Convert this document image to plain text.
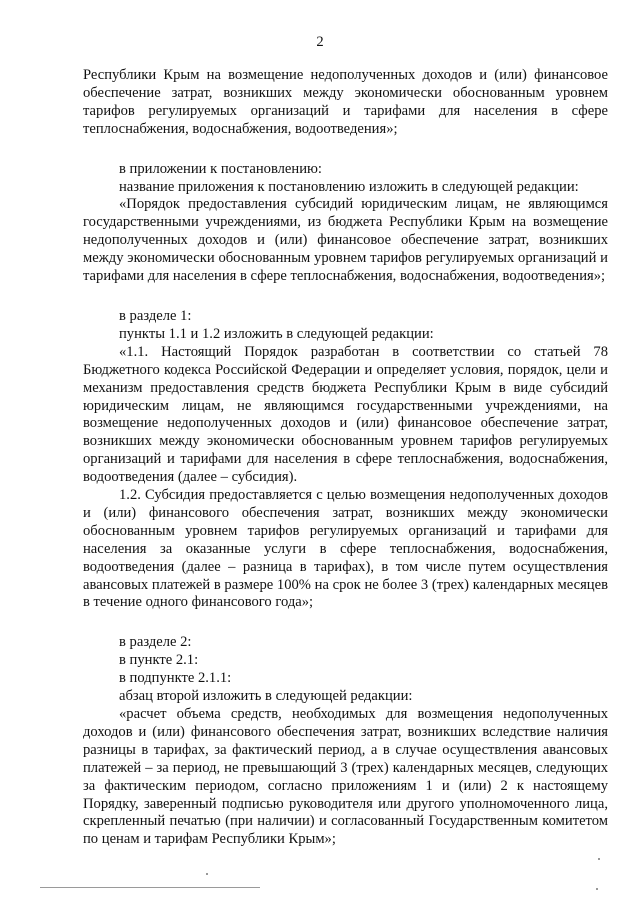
2

Республики Крым на возмещение недополученных доходов и (или) финансовое обеспечение затрат, возникших между экономически обоснованным уровнем тарифов регулируемых организаций и тарифами для населения в сфере теплоснабжения, водоснабжения, водоотведения»;

в приложении к постановлению:

название приложения к постановлению изложить в следующей редакции:

«Порядок предоставления субсидий юридическим лицам, не являющимся государственными учреждениями, из бюджета Республики Крым на возмещение недополученных доходов и (или) финансовое обеспечение затрат, возникших между экономически обоснованным уровнем тарифов регулируемых организаций и тарифами для населения в сфере теплоснабжения, водоснабжения, водоотведения»;

в разделе 1:

пункты 1.1 и 1.2 изложить в следующей редакции:

«1.1. Настоящий Порядок разработан в соответствии со статьей 78 Бюджетного кодекса Российской Федерации и определяет условия, порядок, цели и механизм предоставления средств бюджета Республики Крым в виде субсидий юридическим лицам, не являющимся государственными учреждениями, на возмещение недополученных доходов и (или) финансовое обеспечение затрат, возникших между экономически обоснованным уровнем тарифов регулируемых организаций и тарифами для населения в сфере теплоснабжения, водоснабжения, водоотведения (далее – субсидия).

1.2. Субсидия предоставляется с целью возмещения недополученных доходов и (или) финансового обеспечения затрат, возникших между экономически обоснованным уровнем тарифов регулируемых организаций и тарифами для населения за оказанные услуги в сфере теплоснабжения, водоснабжения, водоотведения (далее – разница в тарифах), в том числе путем осуществления авансовых платежей в размере 100% на срок не более 3 (трех) календарных месяцев в течение одного финансового года»;

в разделе 2:

в пункте 2.1:

в подпункте 2.1.1:

абзац второй изложить в следующей редакции:

«расчет объема средств, необходимых для возмещения недополученных доходов и (или) финансового обеспечения затрат, возникших вследствие наличия разницы в тарифах, за фактический период, а в случае осуществления авансовых платежей – за период, не превышающий 3 (трех) календарных месяцев, следующих за фактическим периодом, согласно приложениям 1 и (или) 2 к настоящему Порядку, заверенный подписью руководителя или другого уполномоченного лица, скрепленный печатью (при наличии) и согласованный Государственным комитетом по ценам и тарифам Республики Крым»;
